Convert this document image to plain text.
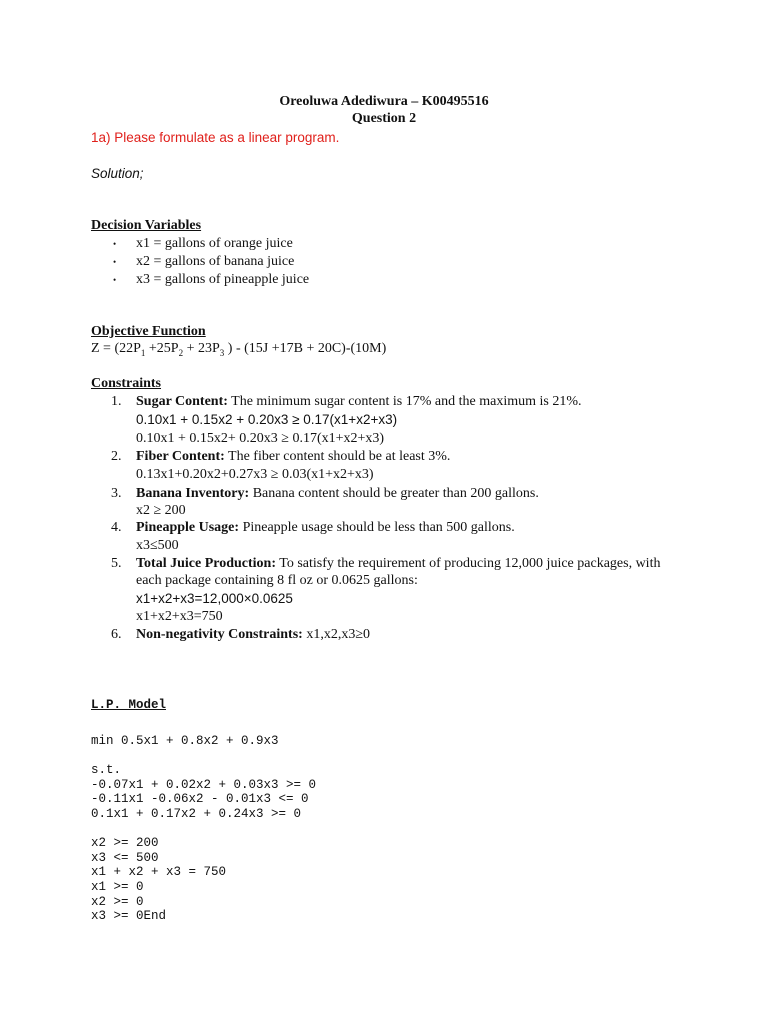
Oreoluwa Adediwura – K00495516
Question 2
1a) Please formulate as a linear program.
Solution;
Decision Variables
• x1 = gallons of orange juice
• x2 = gallons of banana juice
• x3 = gallons of pineapple juice
Objective Function
$Z = (22P_1 +25P_2 + 23P_3$ ) - (15J +17B + 20C)-(10M)
Constraints
1. Sugar Content: The minimum sugar content is 17% and the maximum is 21%.
0.10x1 + 0.15x2 + 0.20x3 ≥ 0.17(x1+x2+x3)
0.10x1 + 0.15x2+ 0.20x3 ≥ 0.17(x1+x2+x3)
2. Fiber Content: The fiber content should be at least 3%.
0.13x1+0.20x2+0.27x3 ≥ 0.03(x1+x2+x3)
3. Banana Inventory: Banana content should be greater than 200 gallons.
x2 ≥ 200
4. Pineapple Usage: Pineapple usage should be less than 500 gallons.
x3≤500
5. Total Juice Production: To satisfy the requirement of producing 12,000 juice packages, with
each package containing 8 fl oz or 0.0625 gallons:
x1+x2+x3=12,000×0.0625
x1+x2+x3=750
6. Non-negativity Constraints: x1,x2,x3≥0
L.P. Model
min 0.5x1 + 0.8x2 + 0.9x3

s.t.
-0.07x1 + 0.02x2 + 0.03x3 >= 0
-0.11x1 -0.06x2 - 0.01x3 <= 0
0.1x1 + 0.17x2 + 0.24x3 >= 0

x2 >= 200
x3 <= 500
x1 + x2 + x3 = 750
x1 >= 0
x2 >= 0
x3 >= 0End
